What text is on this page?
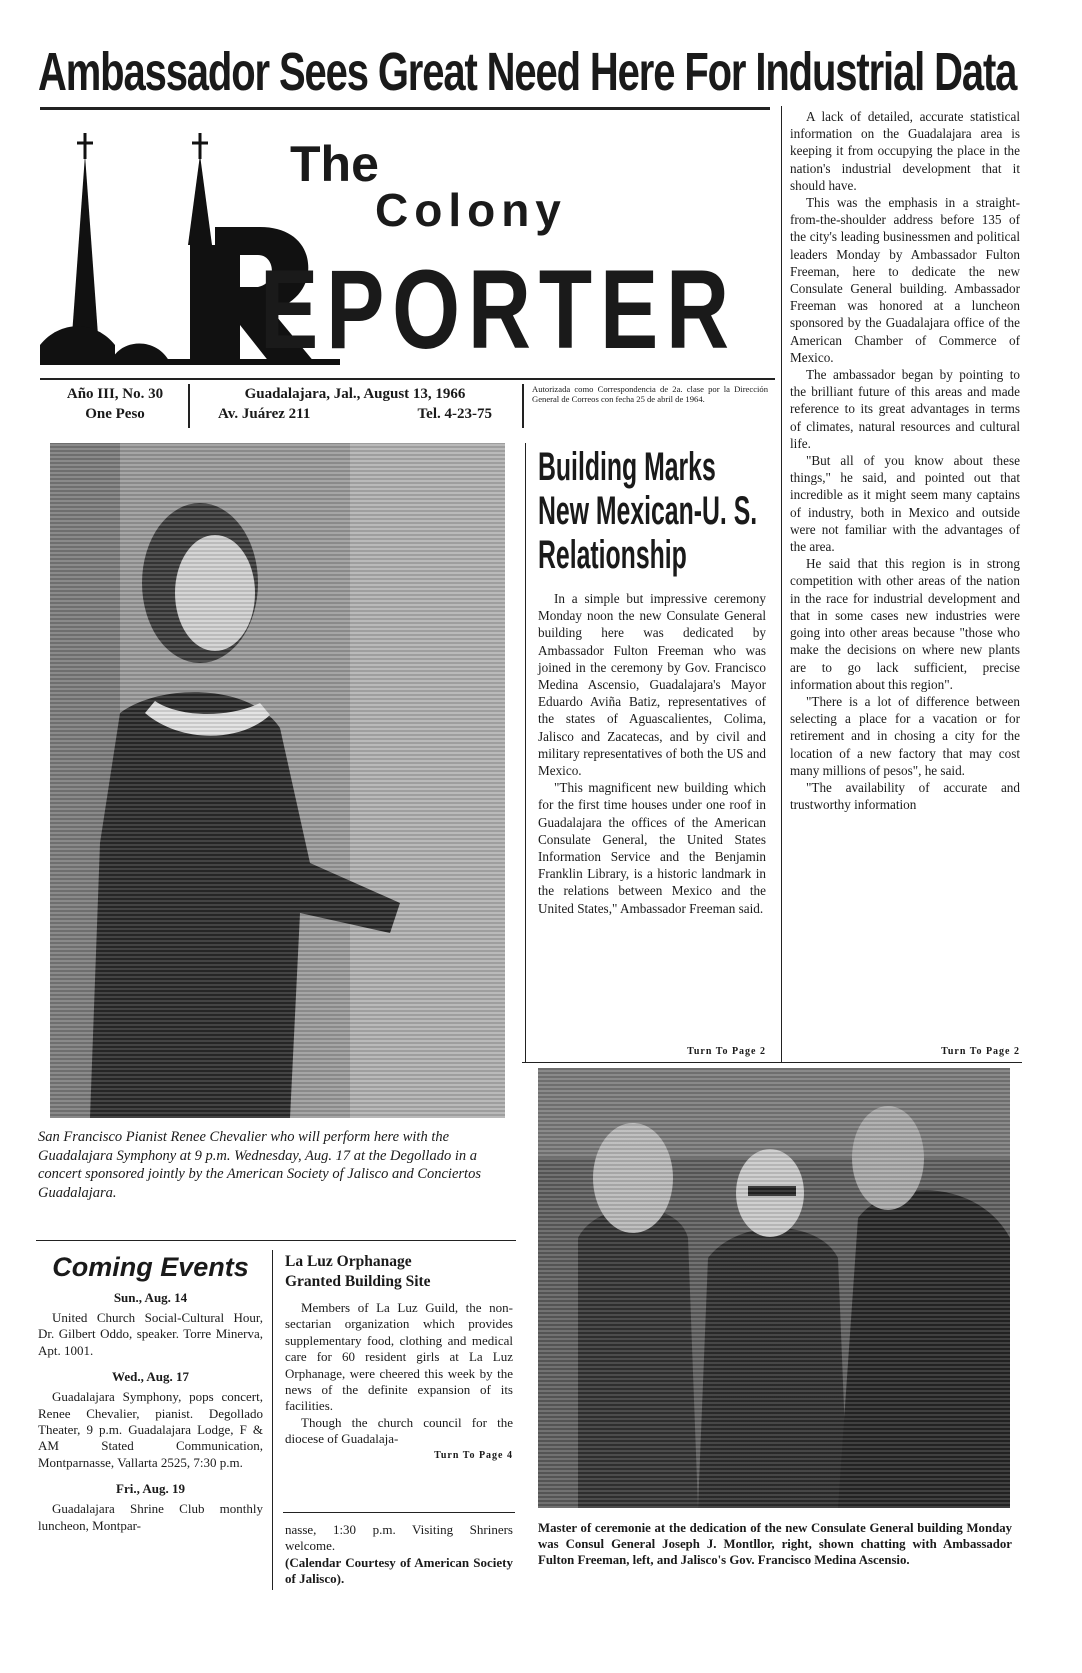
Ambassador Sees Great Need Here For Industrial Data
The
Colony
EPORTER
Año III, No. 30
One Peso
Guadalajara, Jal., August 13, 1966
Av. Juárez 211	Tel. 4-23-75
Autorizada como Correspondencia de 2a. clase por la Dirección General de Correos con fecha 25 de abril de 1964.

A lack of detailed, accurate statistical information on the Guadalajara area is keeping it from occupying the place in the nation's industrial development that it should have.

This was the emphasis in a straight-from-the-shoulder address before 135 of the city's leading businessmen and political leaders Monday by Ambassador Fulton Freeman, here to dedicate the new Consulate General building. Ambassador Freeman was honored at a luncheon sponsored by the Guadalajara office of the American Chamber of Commerce of Mexico.

The ambassador began by pointing to the brilliant future of this areas and made reference to its great advantages in terms of climates, natural resources and cultural life.

"But all of you know about these things," he said, and pointed out that incredible as it might seem many captains of industry, both in Mexico and outside were not familiar with the advantages of the area.

He said that this region is in strong competition with other areas of the nation in the race for industrial development and that in some cases new industries were going into other areas because "those who make the decisions on where new plants are to go lack sufficient, precise information about this region".

"There is a lot of difference between selecting a place for a vacation or for retirement and in chosing a city for the location of a new factory that may cost many millions of pesos", he said.

"The availability of accurate and trustworthy information

Turn To Page 2
San Francisco Pianist Renee Chevalier who will perform here with the Guadalajara Symphony at 9 p.m. Wednesday, Aug. 17 at the Degollado in a concert sponsored jointly by the American Society of Jalisco and Conciertos Guadalajara.
Building Marks
New Mexican-U. S.
Relationship

In a simple but impressive ceremony Monday noon the new Consulate General building here was dedicated by Ambassador Fulton Freeman who was joined in the ceremony by Gov. Francisco Medina Ascensio, Guadalajara's Mayor Eduardo Aviña Batiz, representatives of the states of Aguascalientes, Colima, Jalisco and Zacatecas, and by civil and military representatives of both the US and Mexico.

"This magnificent new building which for the first time houses under one roof in Guadalajara the offices of the American Consulate General, the United States Information Service and the Benjamin Franklin Library, is a historic landmark in the relations between Mexico and the United States," Ambassador Freeman said.

Turn To Page 2
Master of ceremonie at the dedication of the new Consulate General building Monday was Consul General Joseph J. Montllor, right, shown chatting with Ambassador Fulton Freeman, left, and Jalisco's Gov. Francisco Medina Ascensio.
Coming Events
Sun., Aug. 14

United Church Social-Cultural Hour, Dr. Gilbert Oddo, speaker. Torre Minerva, Apt. 1001.

Wed., Aug. 17

Guadalajara Symphony, pops concert, Renee Chevalier, pianist. Degollado Theater, 9 p.m. Guadalajara Lodge, F & AM Stated Communication, Montparnasse, Vallarta 2525, 7:30 p.m.

Fri., Aug. 19

Guadalajara Shrine Club monthly luncheon, Montpar-

La Luz Orphanage
Granted Building Site

Members of La Luz Guild, the non-sectarian organization which provides supplementary food, clothing and medical care for 60 resident girls at La Luz Orphanage, were cheered this week by the news of the definite expansion of its facilities.

Though the church council for the diocese of Guadalaja-

Turn To Page 4
nasse, 1:30 p.m. Visiting Shriners welcome.
(Calendar Courtesy of American Society of Jalisco).
